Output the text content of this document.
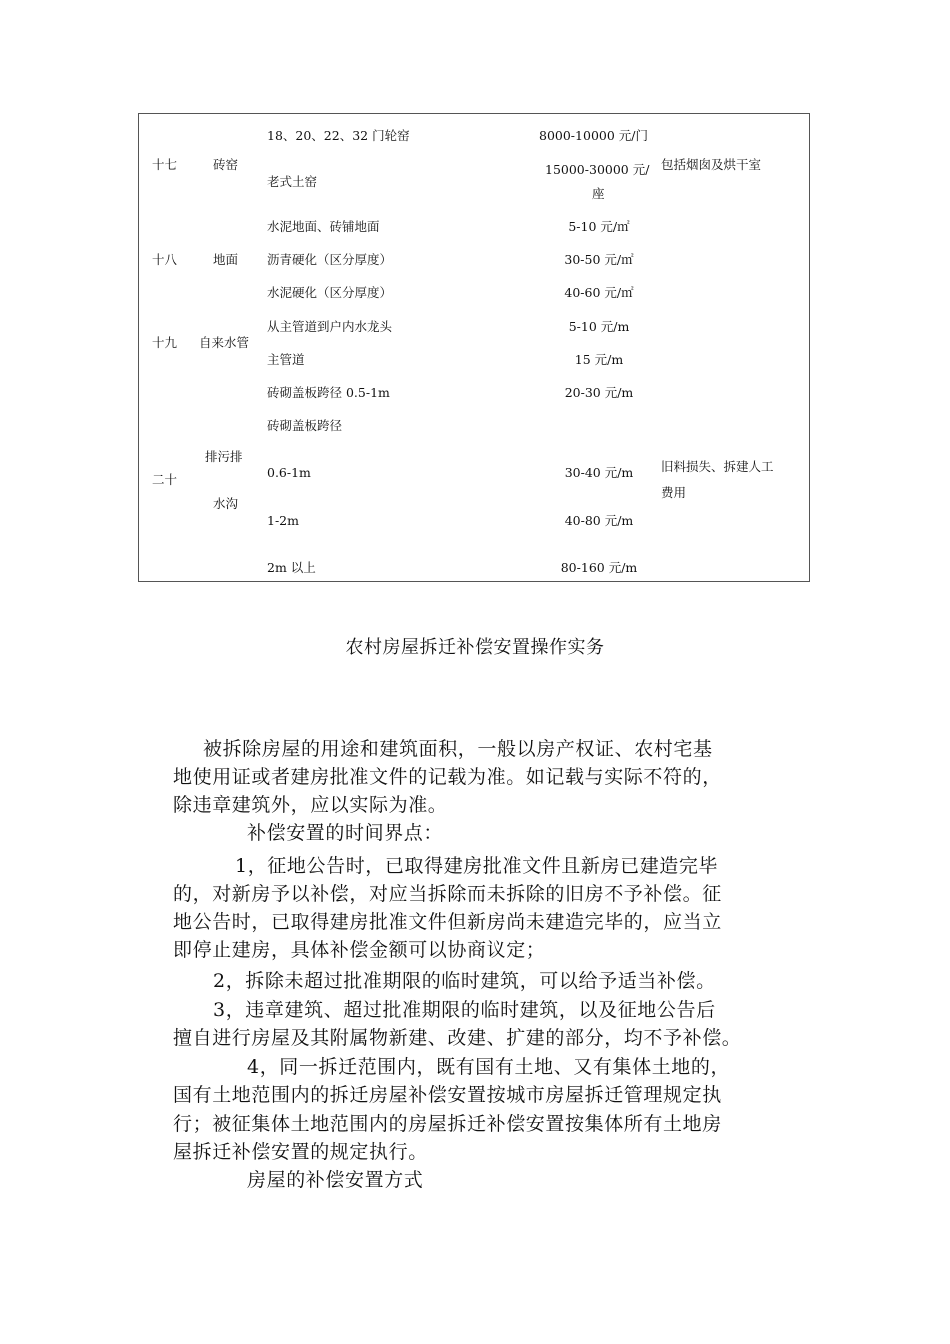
十七	砖窑
18、20、22、32 门轮窑
老式土窑
8000-10000 元/门
15000-30000 元/
座
包括烟囱及烘干室
十八	地面
水泥地面、砖铺地面
沥青硬化（区分厚度）
水泥硬化（区分厚度）
5-10 元/㎡
30-50 元/㎡
40-60 元/㎡
十九 自来水管
从主管道到户内水龙头
主管道
5-10 元/m
15 元/m
二十
排污排
水沟
砖砌盖板跨径 0.5-1m
砖砌盖板跨径
0.6-1m
1-2m
2m 以上
20-30 元/m
30-40 元/m
40-80 元/m
80-160 元/m
旧料损失、拆建人工
费用
农村房屋拆迁补偿安置操作实务
被拆除房屋的用途和建筑面积，一般以房产权证、农村宅基
地使用证或者建房批准文件的记载为准。如记载与实际不符的，
除违章建筑外，应以实际为准。
补偿安置的时间界点：
1，征地公告时，已取得建房批准文件且新房已建造完毕
的，对新房予以补偿，对应当拆除而未拆除的旧房不予补偿。征
地公告时，已取得建房批准文件但新房尚未建造完毕的，应当立
即停止建房，具体补偿金额可以协商议定；
2，拆除未超过批准期限的临时建筑，可以给予适当补偿。
3，违章建筑、超过批准期限的临时建筑，以及征地公告后
擅自进行房屋及其附属物新建、改建、扩建的部分，均不予补偿。
4，同一拆迁范围内，既有国有土地、又有集体土地的，
国有土地范围内的拆迁房屋补偿安置按城市房屋拆迁管理规定执
行；被征集体土地范围内的房屋拆迁补偿安置按集体所有土地房
屋拆迁补偿安置的规定执行。
房屋的补偿安置方式
